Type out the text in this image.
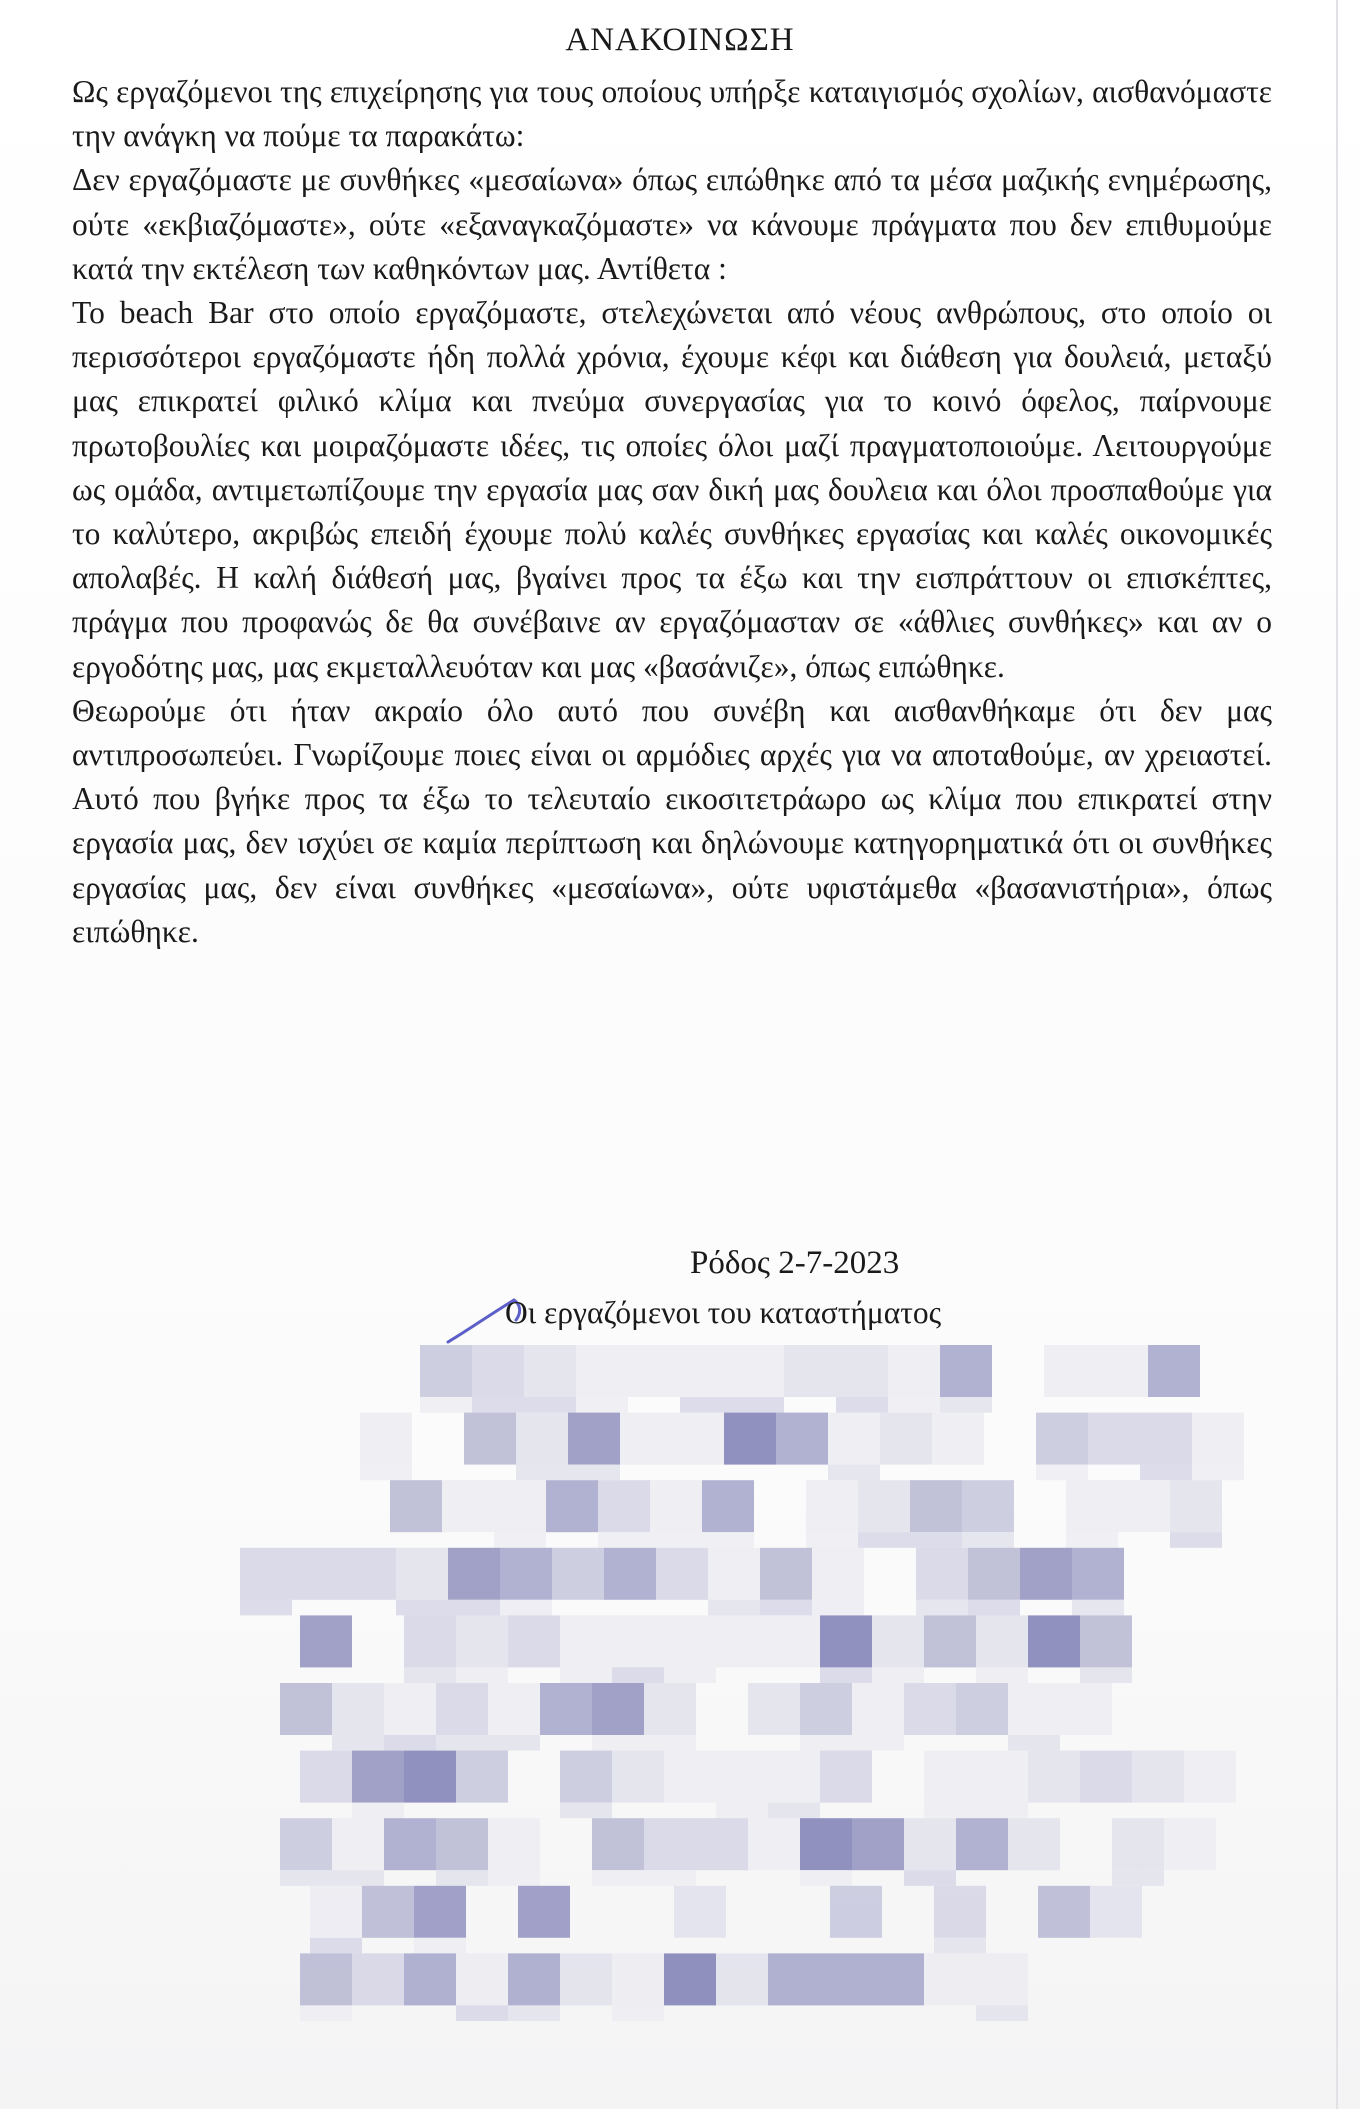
ΑΝΑΚΟΙΝΩΣΗ

Ως εργαζόμενοι της επιχείρησης για τους οποίους υπήρξε καταιγισμός σχολίων, αισθανόμαστε την ανάγκη να πούμε τα παρακάτω:

Δεν εργαζόμαστε με συνθήκες «μεσαίωνα» όπως ειπώθηκε από τα μέσα μαζικής ενημέρωσης, ούτε «εκβιαζόμαστε», ούτε «εξαναγκαζόμαστε» να κάνουμε πράγματα που δεν επιθυμούμε κατά την εκτέλεση των καθηκόντων μας. Αντίθετα :

Το beach Bar στο οποίο εργαζόμαστε, στελεχώνεται από νέους ανθρώπους, στο οποίο οι περισσότεροι εργαζόμαστε ήδη πολλά χρόνια, έχουμε κέφι και διάθεση για δουλειά, μεταξύ μας επικρατεί φιλικό κλίμα και πνεύμα συνεργασίας για το κοινό όφελος, παίρνουμε πρωτοβουλίες και μοιραζόμαστε ιδέες, τις οποίες όλοι μαζί πραγματοποιούμε. Λειτουργούμε ως ομάδα, αντιμετωπίζουμε την εργασία μας σαν δική μας δουλεια και όλοι προσπαθούμε για το καλύτερο, ακριβώς επειδή έχουμε πολύ καλές συνθήκες εργασίας και καλές οικονομικές απολαβές. Η καλή διάθεσή μας, βγαίνει προς τα έξω και την εισπράττουν οι επισκέπτες, πράγμα που προφανώς δε θα συνέβαινε αν εργαζόμασταν σε «άθλιες συνθήκες» και αν ο εργοδότης μας, μας εκμεταλλευόταν και μας «βασάνιζε», όπως ειπώθηκε.

Θεωρούμε ότι ήταν ακραίο όλο αυτό που συνέβη και αισθανθήκαμε ότι δεν μας αντιπροσωπεύει. Γνωρίζουμε ποιες είναι οι αρμόδιες αρχές για να αποταθούμε, αν χρειαστεί. Αυτό που βγήκε προς τα έξω το τελευταίο εικοσιτετράωρο ως κλίμα που επικρατεί στην εργασία μας, δεν ισχύει σε καμία περίπτωση και δηλώνουμε κατηγορηματικά ότι οι συνθήκες εργασίας μας, δεν είναι συνθήκες «μεσαίωνα», ούτε υφιστάμεθα «βασανιστήρια», όπως ειπώθηκε.

Ρόδος 2-7-2023

Οι εργαζόμενοι του καταστήματος
